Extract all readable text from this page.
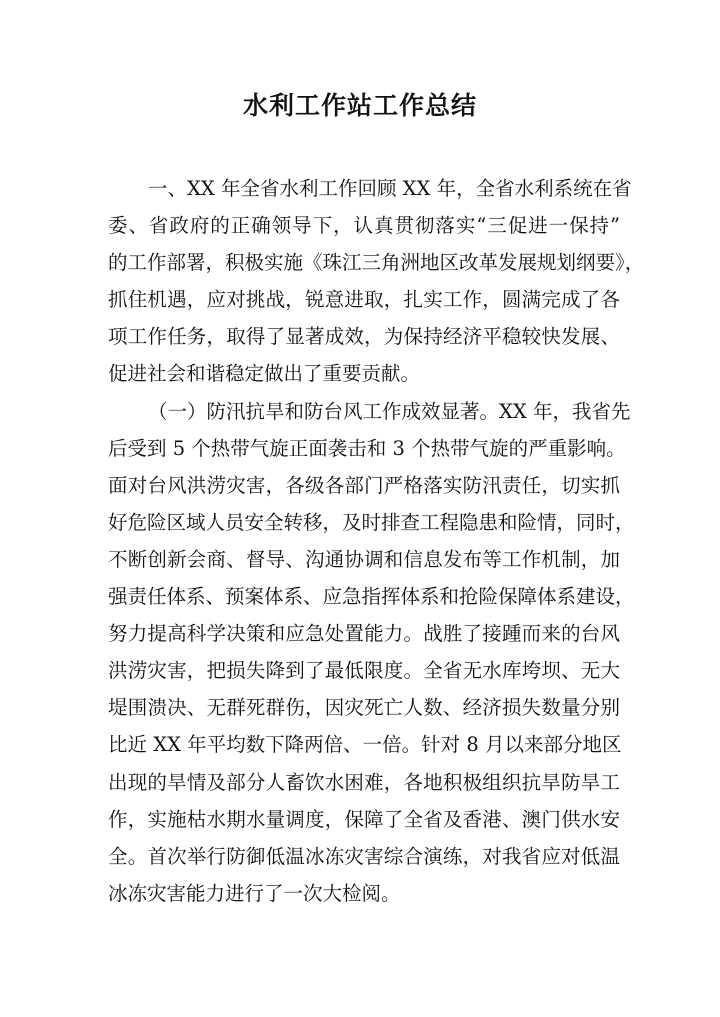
水利工作站工作总结
一、XX 年全省水利工作回顾 XX 年，全省水利系统在省
委、省政府的正确领导下，认真贯彻落实“三促进一保持”
的工作部署，积极实施《珠江三角洲地区改革发展规划纲要》，
抓住机遇，应对挑战，锐意进取，扎实工作，圆满完成了各
项工作任务，取得了显著成效，为保持经济平稳较快发展、
促进社会和谐稳定做出了重要贡献。
（一）防汛抗旱和防台风工作成效显著。XX 年，我省先
后受到 5 个热带气旋正面袭击和 3 个热带气旋的严重影响。
面对台风洪涝灾害，各级各部门严格落实防汛责任，切实抓
好危险区域人员安全转移，及时排查工程隐患和险情，同时，
不断创新会商、督导、沟通协调和信息发布等工作机制，加
强责任体系、预案体系、应急指挥体系和抢险保障体系建设，
努力提高科学决策和应急处置能力。战胜了接踵而来的台风
洪涝灾害，把损失降到了最低限度。全省无水库垮坝、无大
堤围溃决、无群死群伤，因灾死亡人数、经济损失数量分别
比近 XX 年平均数下降两倍、一倍。针对 8 月以来部分地区
出现的旱情及部分人畜饮水困难，各地积极组织抗旱防旱工
作，实施枯水期水量调度，保障了全省及香港、澳门供水安
全。首次举行防御低温冰冻灾害综合演练，对我省应对低温
冰冻灾害能力进行了一次大检阅。
